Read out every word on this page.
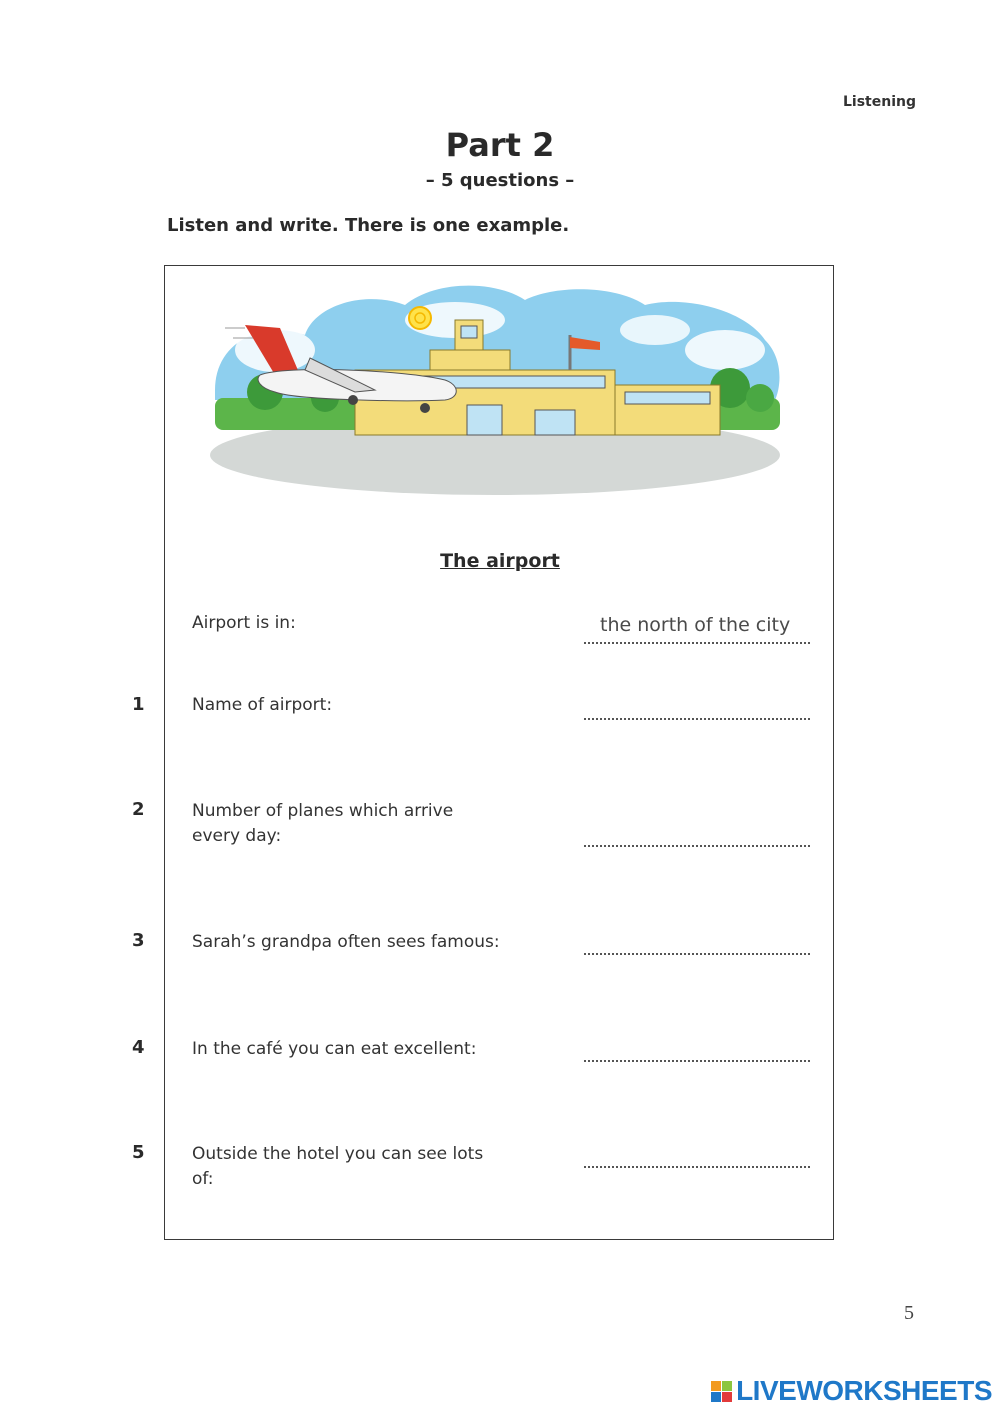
Listening
Part 2
– 5 questions –
Listen and write. There is one example.
The airport
Airport is in:	the north of the city
1	Name of airport:
2	Number of planes which arrive every day:
3	Sarah’s grandpa often sees famous:
4	In the café you can eat excellent:
5	Outside the hotel you can see lots of:
5
LIVEWORKSHEETS
